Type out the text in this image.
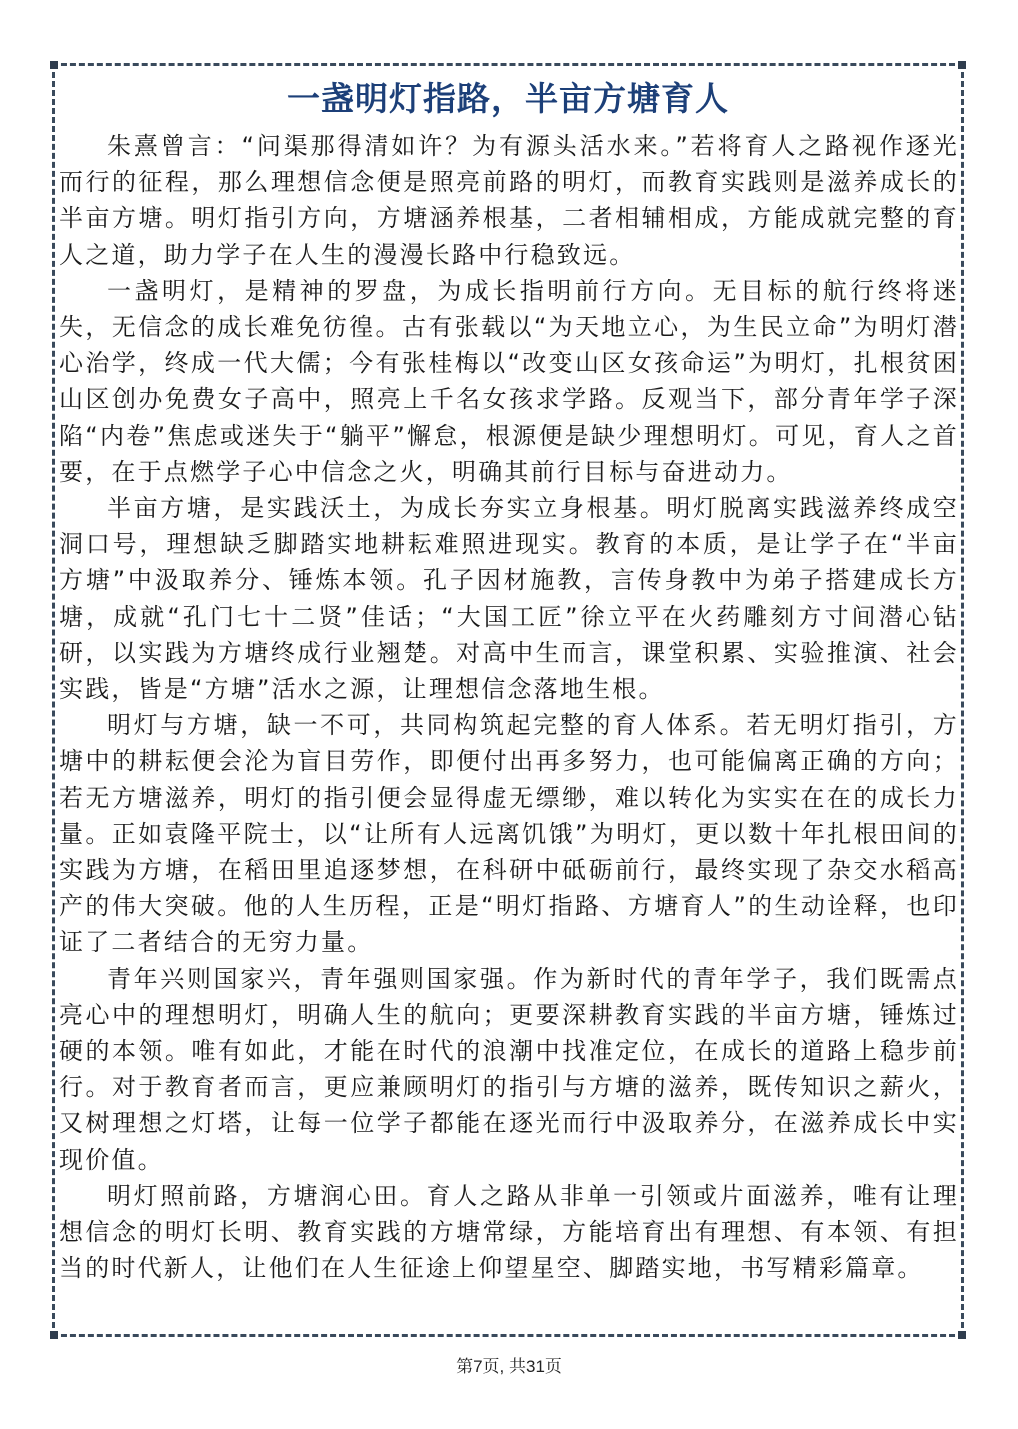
一盏明灯指路，半亩方塘育人

朱熹曾言：“问渠那得清如许？为有源头活水来。”若将育人之路视作逐光而行的征程，那么理想信念便是照亮前路的明灯，而教育实践则是滋养成长的半亩方塘。明灯指引方向，方塘涵养根基，二者相辅相成，方能成就完整的育人之道，助力学子在人生的漫漫长路中行稳致远。

一盏明灯，是精神的罗盘，为成长指明前行方向。无目标的航行终将迷失，无信念的成长难免彷徨。古有张载以“为天地立心，为生民立命”为明灯潜心治学，终成一代大儒；今有张桂梅以“改变山区女孩命运”为明灯，扎根贫困山区创办免费女子高中，照亮上千名女孩求学路。反观当下，部分青年学子深陷“内卷”焦虑或迷失于“躺平”懈怠，根源便是缺少理想明灯。可见，育人之首要，在于点燃学子心中信念之火，明确其前行目标与奋进动力。

半亩方塘，是实践沃土，为成长夯实立身根基。明灯脱离实践滋养终成空洞口号，理想缺乏脚踏实地耕耘难照进现实。教育的本质，是让学子在“半亩方塘”中汲取养分、锤炼本领。孔子因材施教，言传身教中为弟子搭建成长方塘，成就“孔门七十二贤”佳话；“大国工匠”徐立平在火药雕刻方寸间潜心钻研，以实践为方塘终成行业翘楚。对高中生而言，课堂积累、实验推演、社会实践，皆是“方塘”活水之源，让理想信念落地生根。

明灯与方塘，缺一不可，共同构筑起完整的育人体系。若无明灯指引，方塘中的耕耘便会沦为盲目劳作，即便付出再多努力，也可能偏离正确的方向；若无方塘滋养，明灯的指引便会显得虚无缥缈，难以转化为实实在在的成长力量。正如袁隆平院士，以“让所有人远离饥饿”为明灯，更以数十年扎根田间的实践为方塘，在稻田里追逐梦想，在科研中砥砺前行，最终实现了杂交水稻高产的伟大突破。他的人生历程，正是“明灯指路、方塘育人”的生动诠释，也印证了二者结合的无穷力量。

青年兴则国家兴，青年强则国家强。作为新时代的青年学子，我们既需点亮心中的理想明灯，明确人生的航向；更要深耕教育实践的半亩方塘，锤炼过硬的本领。唯有如此，才能在时代的浪潮中找准定位，在成长的道路上稳步前行。对于教育者而言，更应兼顾明灯的指引与方塘的滋养，既传知识之薪火，又树理想之灯塔，让每一位学子都能在逐光而行中汲取养分，在滋养成长中实现价值。

明灯照前路，方塘润心田。育人之路从非单一引领或片面滋养，唯有让理想信念的明灯长明、教育实践的方塘常绿，方能培育出有理想、有本领、有担当的时代新人，让他们在人生征途上仰望星空、脚踏实地，书写精彩篇章。

第7页, 共31页
